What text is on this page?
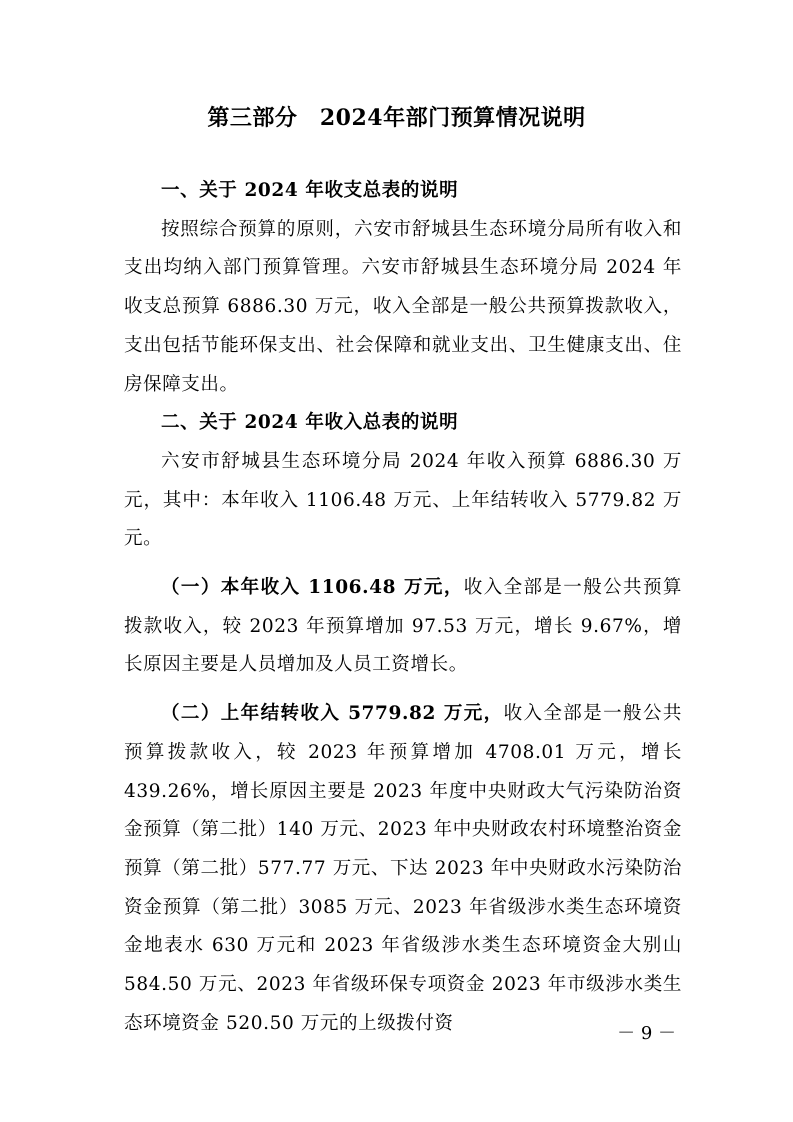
第三部分　2024年部门预算情况说明

一、关于 2024 年收支总表的说明

按照综合预算的原则，六安市舒城县生态环境分局所有收入和支出均纳入部门预算管理。六安市舒城县生态环境分局 2024 年收支总预算 6886.30 万元，收入全部是一般公共预算拨款收入，支出包括节能环保支出、社会保障和就业支出、卫生健康支出、住房保障支出。

二、关于 2024 年收入总表的说明

六安市舒城县生态环境分局 2024 年收入预算 6886.30 万元，其中：本年收入 1106.48 万元、上年结转收入 5779.82 万元。

（一）本年收入 1106.48 万元，收入全部是一般公共预算拨款收入，较 2023 年预算增加 97.53 万元，增长 9.67%，增长原因主要是人员增加及人员工资增长。

（二）上年结转收入 5779.82 万元，收入全部是一般公共预算拨款收入，较 2023 年预算增加 4708.01 万元，增长 439.26%，增长原因主要是 2023 年度中央财政大气污染防治资金预算（第二批）140 万元、2023 年中央财政农村环境整治资金预算（第二批）577.77 万元、下达 2023 年中央财政水污染防治资金预算（第二批）3085 万元、2023 年省级涉水类生态环境资金地表水 630 万元和 2023 年省级涉水类生态环境资金大别山 584.50 万元、2023 年省级环保专项资金 2023 年市级涉水类生态环境资金 520.50 万元的上级拨付资	－ 9 －
